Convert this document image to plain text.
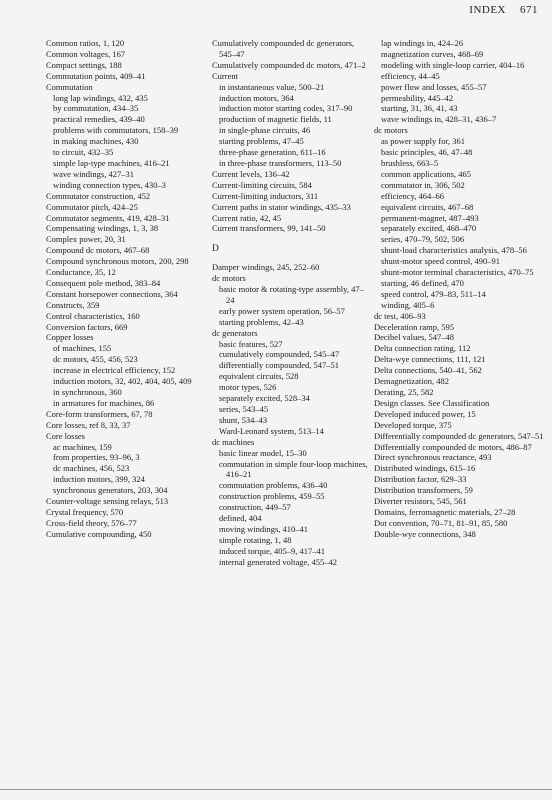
INDEX 671
Common ratios, 1, 120
Common voltages, 167
Compact settings, 188
Commutation points, 409–41
Commutation
long lap windings, 432, 435
by commutation, 434–35
practical remedies, 439–40
problems with commutators, 158–39
in making machines, 430
to circuit, 432–35
simple lap-type machines, 416–21
wave windings, 427–31
winding connection types, 430–3
Commutator construction, 452
Commutator pitch, 424–25
Commutator segments, 419, 428–31
Compensating windings, 1, 3, 38
Complex power, 20, 31
Compound dc motors, 467–68
Compound synchronous motors, 200, 298
Conductance, 35, 12
Consequent pole method, 383–84
Constant horsepower connections, 364
Constructs, 359
Control characteristics, 160
Conversion factors, 669
Copper losses
of machines, 155
dc motors, 455, 456, 523
increase in electrical efficiency, 152
induction motors, 32, 402, 404, 405, 409
in synchronous, 360
in armatures for machines, 86
Core-form transformers, 67, 78
Core losses, ref 8, 33, 37
Core losses
ac machines, 159
from properties, 93–96, 3
dc machines, 456, 523
induction motors, 399, 324
synchronous generators, 203, 304
Counter-voltage sensing relays, 513
Crystal frequency, 570
Cross-field theory, 576–77
Cumulative compounding, 450
Cumulatively compounded dc generators, 545–47
Cumulatively compounded dc motors, 471–2
Current
in instantaneous value, 500–21
induction motors, 364
induction motor starting codes, 317–90
production of magnetic fields, 11
in single-phase circuits, 46
starting problems, 47–45
three-phase generation, 611–16
in three-phase transformers, 113–50
Current levels, 136–42
Current-limiting circuits, 584
Current-limiting inductors, 311
Current paths in stator windings, 435–33
Current ratio, 42, 45
Current transformers, 99, 141–50
D
Damper windings, 245, 252–60
dc motors
basic motor & rotating-type assembly, 47–24
early power system operation, 56–57
starting problems, 42–43
dc generators
basic features, 527
cumulatively compounded, 545–47
differentially compounded, 547–51
equivalent circuits, 528
motor types, 526
separately excited, 528–34
series, 543–45
shunt, 534–43
Ward-Leonard system, 513–14
dc machines
basic linear model, 15–30
commutation in simple four-loop machines, 416–21
commutation problems, 436–40
construction problems, 459–55
construction, 449–57
defined, 404
moving windings, 410–41
simple rotating, 1, 48
induced torque, 405–9, 417–41
internal generated voltage, 455–42
lap windings in, 424–26
magnetization curves, 468–69
modeling with single-loop carrier, 404–16
efficiency, 44–45
power flow and losses, 455–57
permeability, 445–42
starting, 31, 36, 41, 43
wave windings in, 428–31, 436–7
dc motors
as power supply for, 361
basic principles, 46, 47–48
brushless, 663–5
common applications, 465
commutator in, 306, 502
efficiency, 464–66
equivalent circuits, 467–68
permanent-magnet, 487–493
separately excited, 468–470
series, 470–79, 502, 506
shunt-load characteristics analysis, 478–56
shunt-motor speed control, 490–91
shunt-motor terminal characteristics, 470–75
starting, 46 defined, 470
speed control, 479–83, 511–14
winding, 405–6
dc test, 406–93
Deceleration ramp, 595
Decibel values, 547–48
Delta connection rating, 112
Delta-wye connections, 111, 121
Delta connections, 540–41, 562
Demagnetization, 482
Derating, 25, 582
Design classes. See Classification
Developed induced power, 15
Developed torque, 375
Differentially compounded dc generators, 547–51
Differentially compounded dc motors, 486–87
Direct synchronous reactance, 493
Distributed windings, 615–16
Distribution factor, 629–33
Distribution transformers, 59
Diverter resistors, 545, 561
Domains, ferromagnetic materials, 27–28
Dot convention, 70–71, 81–91, 85, 580
Double-wye connections, 348
